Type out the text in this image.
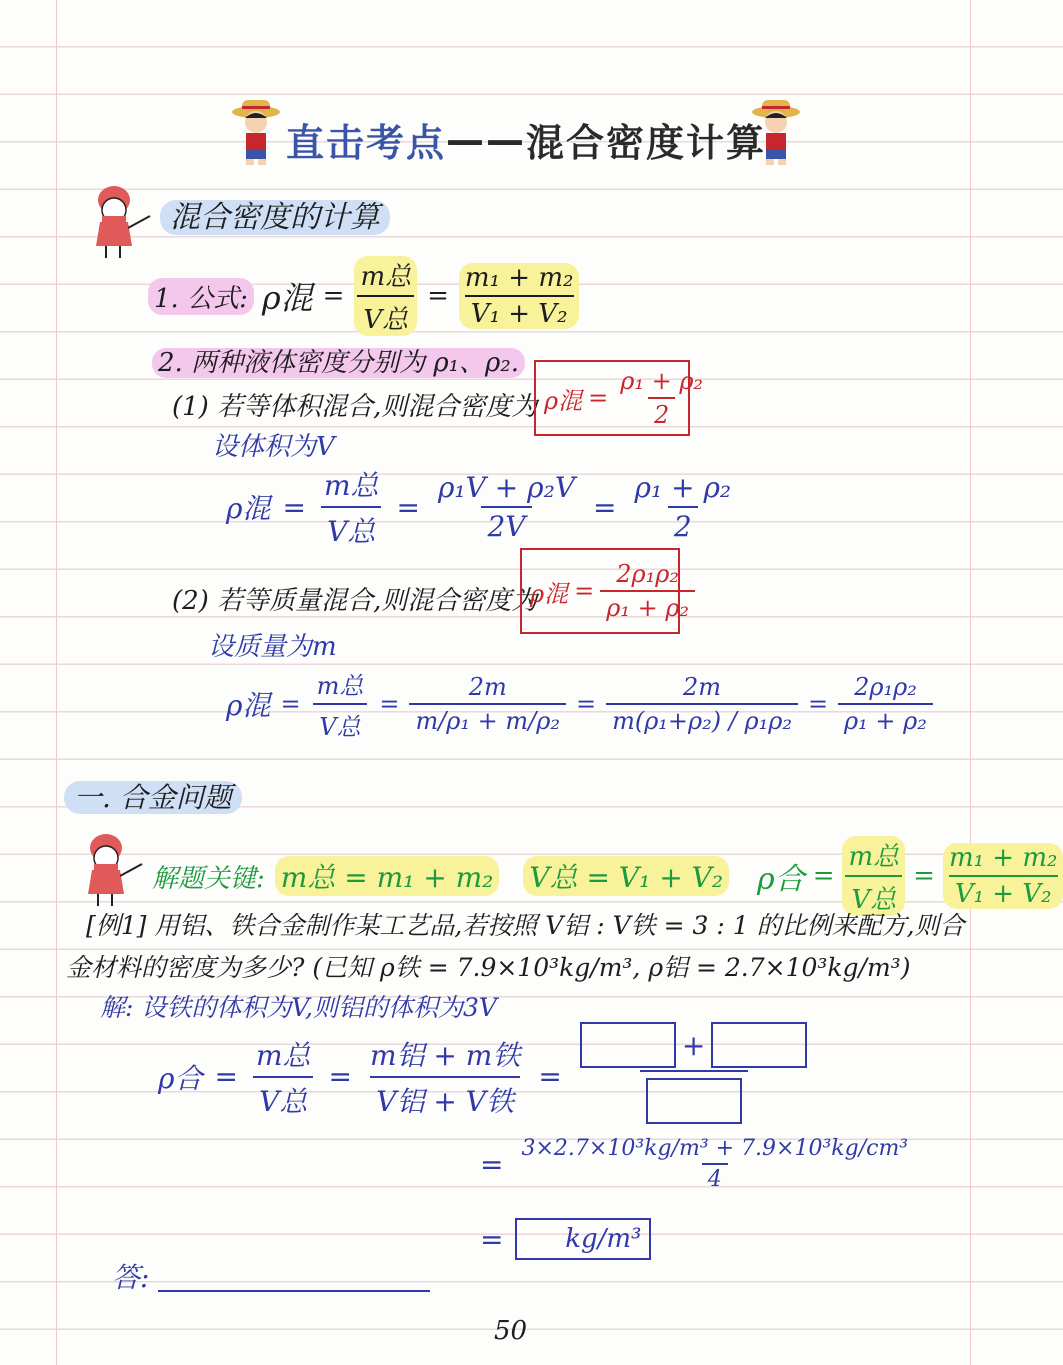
直击考点 —— 混合密度计算
混合密度的计算
1. 公式: ρ混 = $\frac{\text{m总}}{\text{V总}} = \frac{\text{m₁ + m₂}}{\text{V₁ + V₂}}$
2. 两种液体密度分别为 ρ₁、ρ₂.
(1) 若等体积混合,则混合密度为 ρ混 = $\frac{\text{ρ₁ + ρ₂}}{2}$
设体积为V
ρ混 = $\frac{\text{m总}}{\text{V总}} = \frac{\text{ρ₁V + ρ₂V}}{2V} = \frac{\text{ρ₁ + ρ₂}}{2}$
(2) 若等质量混合,则混合密度为
ρ混 = $\frac{\text{2ρ₁ρ₂}}{\text{ρ₁ + ρ₂}}$
设质量为m
ρ混 = $\frac{\text{m总}}{\text{V总}} = \frac{2m}{\text{m/ρ₁ + m/ρ₂}} = \frac{2m}{\text{m(ρ₁+ρ₂) / ρ₁ρ₂}} = \frac{\text{2ρ₁ρ₂}}{\text{ρ₁ + ρ₂}}$
一. 合金问题
解题关键: m总 = m₁ + m₂ V总 = V₁ + V₂ ρ合 = $\frac{\text{m总}}{\text{V总}} = \frac{\text{m₁ + m₂}}{\text{V₁ + V₂}}$
[例1] 用铝、铁合金制作某工艺品,若按照 V铝 : V铁 = 3 : 1 的比例来配方,则合
金材料的密度为多少? (已知 ρ铁 = 7.9×10³kg/m³, ρ铝 = 2.7×10³kg/m³)
解: 设铁的体积为V,则铝的体积为3V
ρ合 = $\frac{\text{m总}}{\text{V总}} = \frac{\text{m铝 + m铁}}{\text{V铝 + V铁}}$ =
+
= $\frac{\text{3×2.7×10³kg/m³ + 7.9×10³kg/cm³}}{4}$
= kg/m³
答:
50
